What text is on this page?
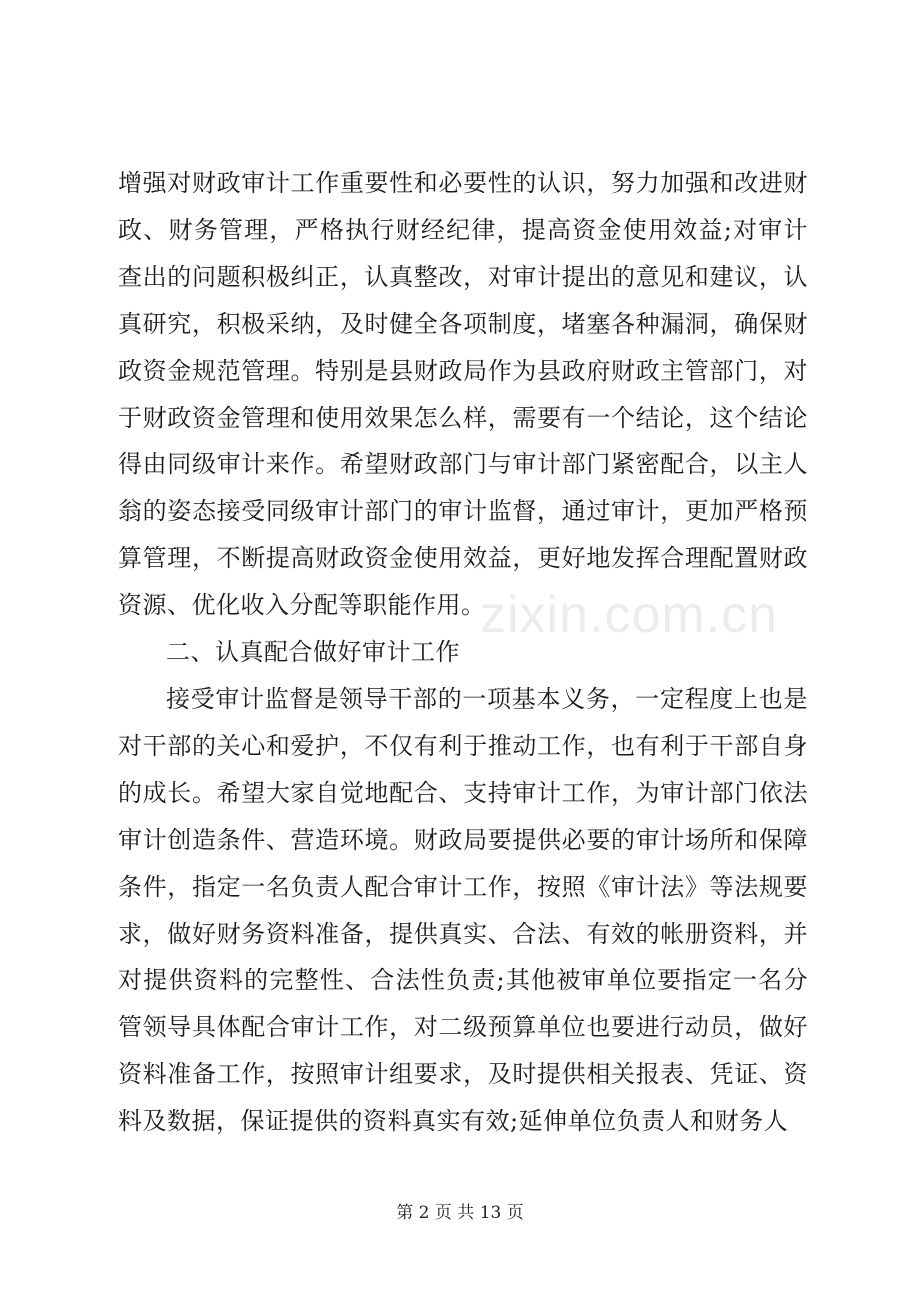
增强对财政审计工作重要性和必要性的认识，努力加强和改进财政、财务管理，严格执行财经纪律，提高资金使用效益;对审计查出的问题积极纠正，认真整改，对审计提出的意见和建议，认真研究，积极采纳，及时健全各项制度，堵塞各种漏洞，确保财政资金规范管理。特别是县财政局作为县政府财政主管部门，对于财政资金管理和使用效果怎么样，需要有一个结论，这个结论得由同级审计来作。希望财政部门与审计部门紧密配合，以主人翁的姿态接受同级审计部门的审计监督，通过审计，更加严格预算管理，不断提高财政资金使用效益，更好地发挥合理配置财政资源、优化收入分配等职能作用。

二、认真配合做好审计工作

接受审计监督是领导干部的一项基本义务，一定程度上也是对干部的关心和爱护，不仅有利于推动工作，也有利于干部自身的成长。希望大家自觉地配合、支持审计工作，为审计部门依法审计创造条件、营造环境。财政局要提供必要的审计场所和保障条件，指定一名负责人配合审计工作，按照《审计法》等法规要求，做好财务资料准备，提供真实、合法、有效的帐册资料，并对提供资料的完整性、合法性负责;其他被审单位要指定一名分管领导具体配合审计工作，对二级预算单位也要进行动员，做好资料准备工作，按照审计组要求，及时提供相关报表、凭证、资料及数据，保证提供的资料真实有效;延伸单位负责人和财务人

zixin.com.cn
第 2 页 共 13 页
